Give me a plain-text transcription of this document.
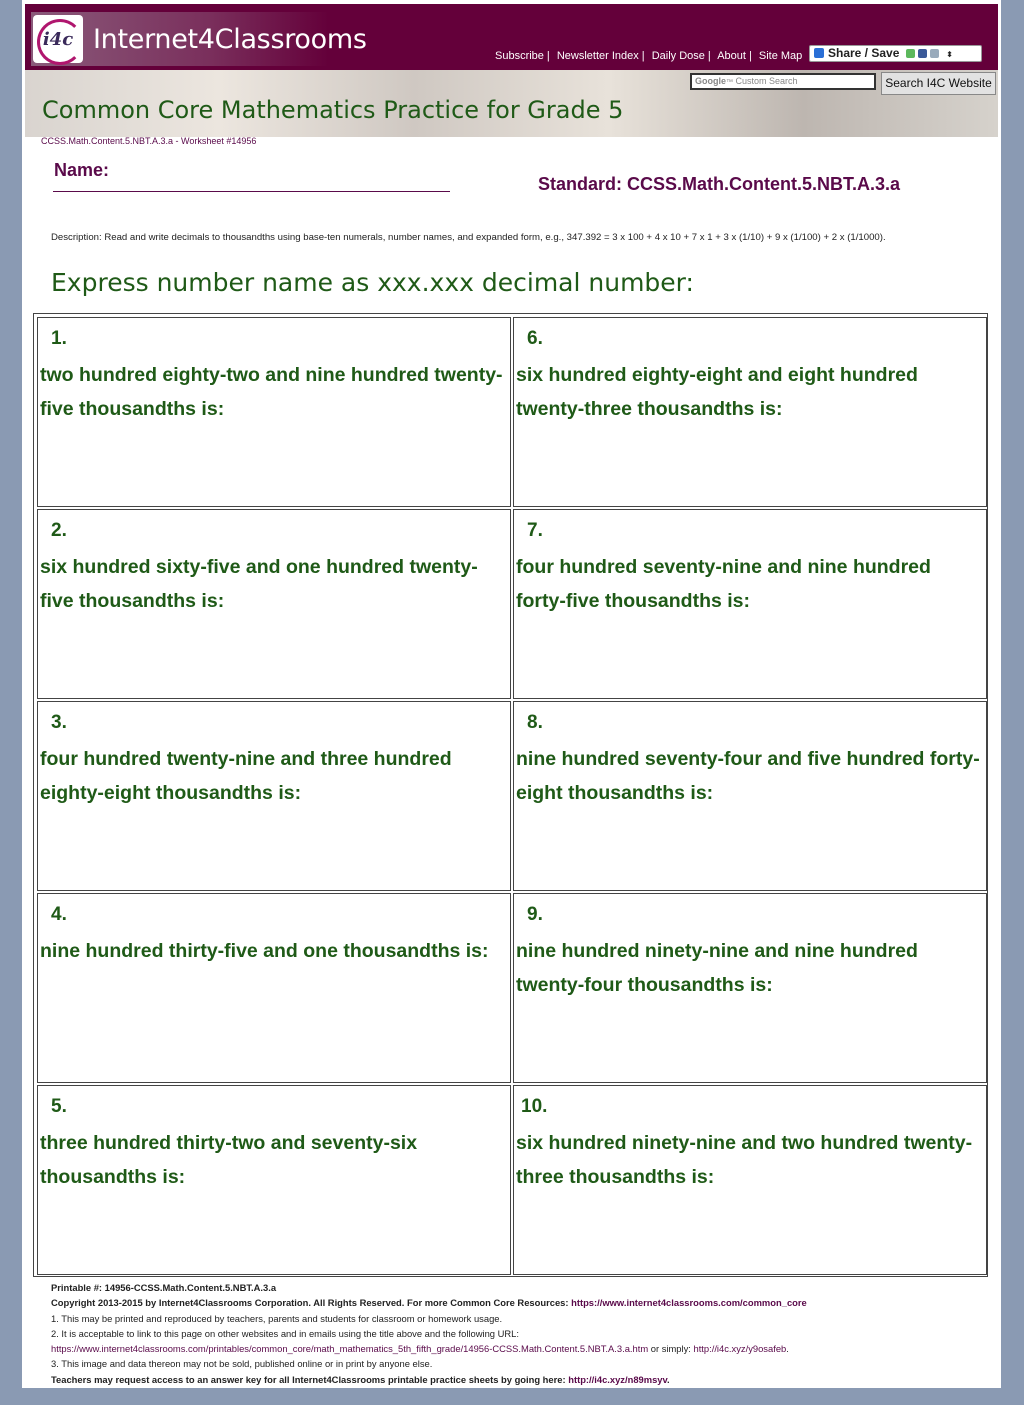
i4c Internet4Classrooms
Subscribe | Newsletter Index | Daily Dose | About | Site Map	Share / Save	⬍
Google™ Custom Search	Search I4C Website
Common Core Mathematics Practice for Grade 5
CCSS.Math.Content.5.NBT.A.3.a - Worksheet #14956
Name:
Standard: CCSS.Math.Content.5.NBT.A.3.a
Description: Read and write decimals to thousandths using base-ten numerals, number names, and expanded form, e.g., 347.392 = 3 x 100 + 4 x 10 + 7 x 1 + 3 x (1/10) + 9 x (1/100) + 2 x (1/1000).
Express number name as xxx.xxx decimal number:
1.
two hundred eighty-two and nine hundred twenty-five thousandths is:
2.
six hundred sixty-five and one hundred twenty-five thousandths is:
3.
four hundred twenty-nine and three hundred eighty-eight thousandths is:
4.
nine hundred thirty-five and one thousandths is:
5.
three hundred thirty-two and seventy-six thousandths is:
6.
six hundred eighty-eight and eight hundred twenty-three thousandths is:
7.
four hundred seventy-nine and nine hundred forty-five thousandths is:
8.
nine hundred seventy-four and five hundred forty-eight thousandths is:
9.
nine hundred ninety-nine and nine hundred twenty-four thousandths is:
10.
six hundred ninety-nine and two hundred twenty-three thousandths is:
Printable #: 14956-CCSS.Math.Content.5.NBT.A.3.a
Copyright 2013-2015 by Internet4Classrooms Corporation. All Rights Reserved. For more Common Core Resources: https://www.internet4classrooms.com/common_core
1. This may be printed and reproduced by teachers, parents and students for classroom or homework usage.
2. It is acceptable to link to this page on other websites and in emails using the title above and the following URL:
https://www.internet4classrooms.com/printables/common_core/math_mathematics_5th_fifth_grade/14956-CCSS.Math.Content.5.NBT.A.3.a.htm or simply: http://i4c.xyz/y9osafeb.
3. This image and data thereon may not be sold, published online or in print by anyone else.
Teachers may request access to an answer key for all Internet4Classrooms printable practice sheets by going here: http://i4c.xyz/n89msyv.
